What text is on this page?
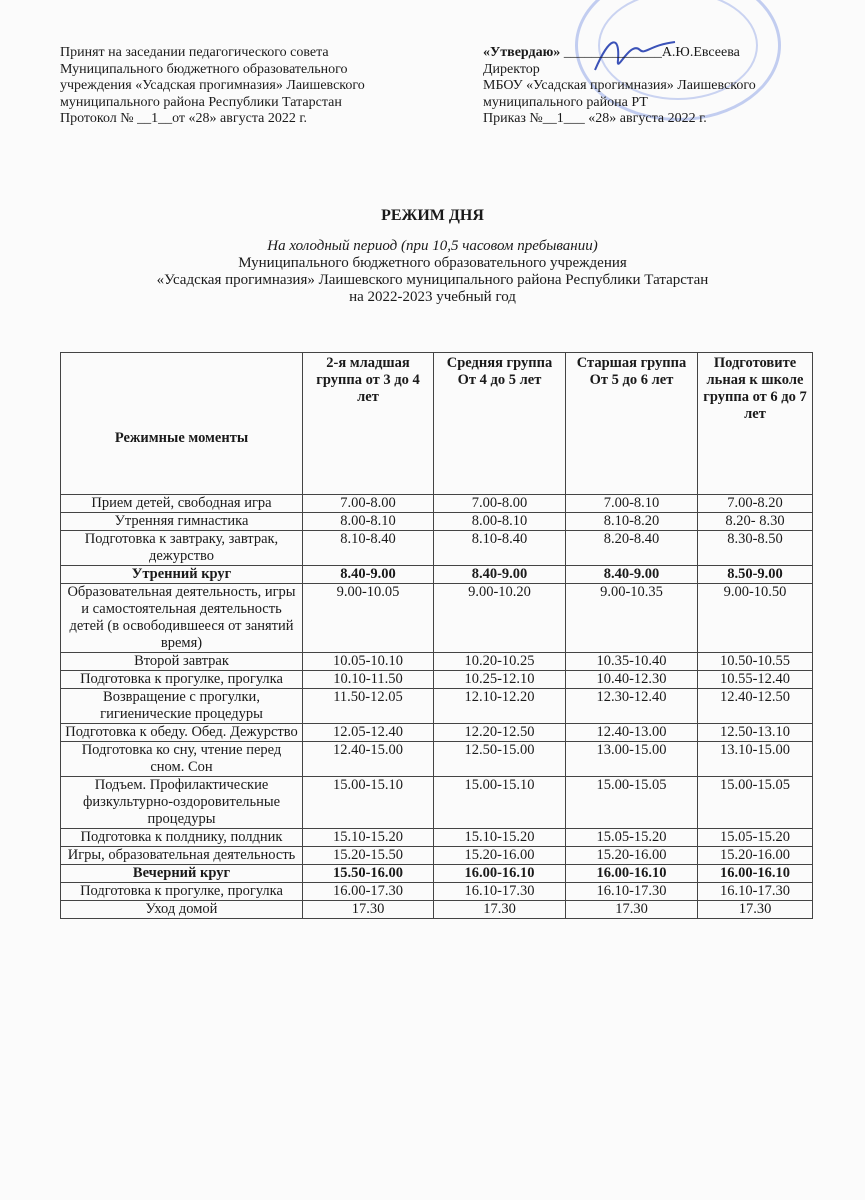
Принят на заседании педагогического совета
Муниципального бюджетного образовательного
учреждения «Усадская прогимназия» Лаишевского
муниципального района Республики Татарстан
Протокол № __1__от «28» августа 2022 г.
«Утвердаю» ______________А.Ю.Евсеева
Директор
МБОУ «Усадская прогимназия» Лаишевского
муниципального района РТ
Приказ №__1___ «28» августа 2022 г.
РЕЖИМ ДНЯ
На холодный период (при 10,5 часовом пребывании)
Муниципального бюджетного образовательного учреждения
«Усадская прогимназия» Лаишевского муниципального района Республики Татарстан
на 2022-2023 учебный год
Режимные моменты	2-я младшая группа от 3 до 4 лет	Средняя группа От 4 до 5 лет	Старшая группа От 5 до 6 лет	Подготовите льная к школе группа от 6 до 7 лет
Прием детей, свободная игра	7.00-8.00	7.00-8.00	7.00-8.10	7.00-8.20
Утренняя гимнастика	8.00-8.10	8.00-8.10	8.10-8.20	8.20- 8.30
Подготовка к завтраку, завтрак, дежурство	8.10-8.40	8.10-8.40	8.20-8.40	8.30-8.50
Утренний круг	8.40-9.00	8.40-9.00	8.40-9.00	8.50-9.00
Образовательная деятельность, игры и самостоятельная деятельность детей (в освободившееся от занятий время)	9.00-10.05	9.00-10.20	9.00-10.35	9.00-10.50
Второй завтрак	10.05-10.10	10.20-10.25	10.35-10.40	10.50-10.55
Подготовка к прогулке, прогулка	10.10-11.50	10.25-12.10	10.40-12.30	10.55-12.40
Возвращение с прогулки, гигиенические процедуры	11.50-12.05	12.10-12.20	12.30-12.40	12.40-12.50
Подготовка к обеду. Обед. Дежурство	12.05-12.40	12.20-12.50	12.40-13.00	12.50-13.10
Подготовка ко сну, чтение перед сном. Сон	12.40-15.00	12.50-15.00	13.00-15.00	13.10-15.00
Подъем. Профилактические физкультурно-оздоровительные процедуры	15.00-15.10	15.00-15.10	15.00-15.05	15.00-15.05
Подготовка к полднику, полдник	15.10-15.20	15.10-15.20	15.05-15.20	15.05-15.20
Игры, образовательная деятельность	15.20-15.50	15.20-16.00	15.20-16.00	15.20-16.00
Вечерний круг	15.50-16.00	16.00-16.10	16.00-16.10	16.00-16.10
Подготовка к прогулке, прогулка	16.00-17.30	16.10-17.30	16.10-17.30	16.10-17.30
Уход домой	17.30	17.30	17.30	17.30
